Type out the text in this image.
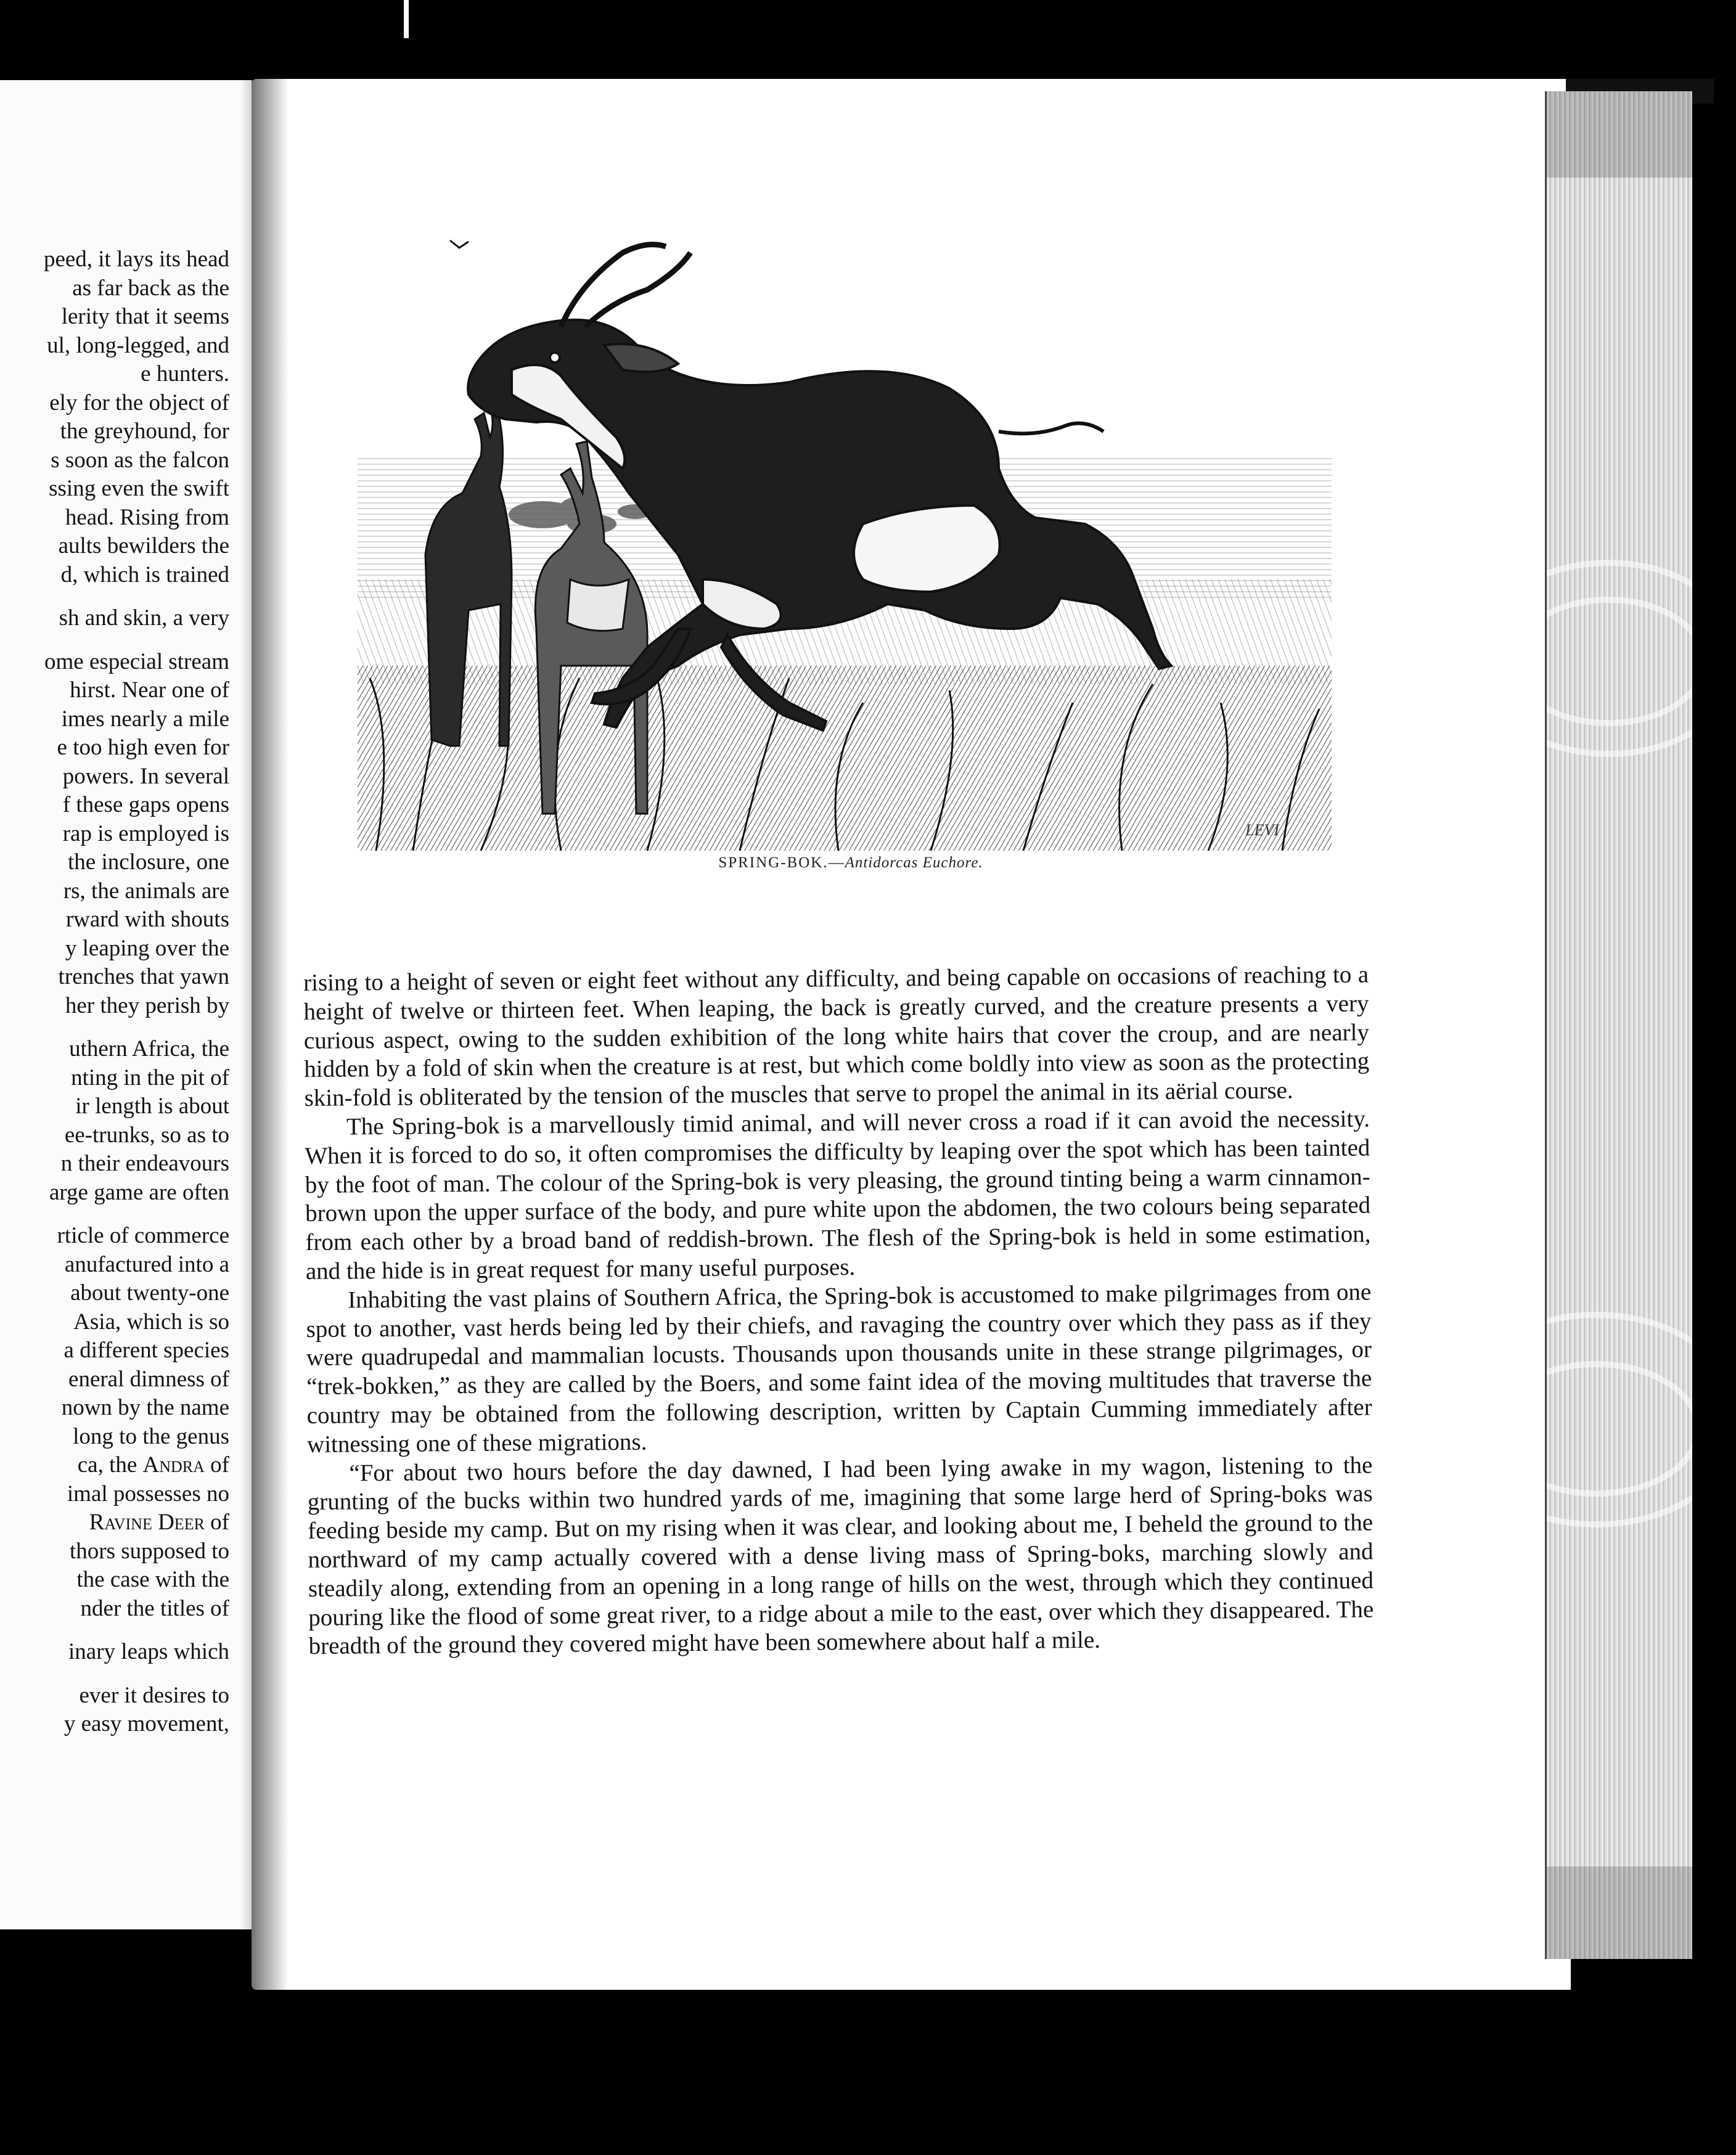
peed, it lays its head
as far back as the
lerity that it seems
ul, long-legged, and
e hunters.
ely for the object of
the greyhound, for
s soon as the falcon
ssing even the swift
head. Rising from
aults bewilders the
d, which is trained
sh and skin, a very
ome especial stream
hirst. Near one of
imes nearly a mile
e too high even for
powers. In several
f these gaps opens
rap is employed is
the inclosure, one
rs, the animals are
rward with shouts
y leaping over the
trenches that yawn
her they perish by
uthern Africa, the
nting in the pit of
ir length is about
ee-trunks, so as to
n their endeavours
arge game are often
rticle of commerce
anufactured into a
about twenty-one
Asia, which is so
a different species
eneral dimness of
nown by the name
long to the genus
ca, the Andra of
imal possesses no
Ravine Deer of
thors supposed to
the case with the
nder the titles of
inary leaps which
ever it desires to
y easy movement,
LEVI
SPRING-BOK.—Antidorcas Euchore.

rising to a height of seven or eight feet without any difficulty, and being capable on occasions of reaching to a height of twelve or thirteen feet. When leaping, the back is greatly curved, and the creature presents a very curious aspect, owing to the sudden exhibition of the long white hairs that cover the croup, and are nearly hidden by a fold of skin when the creature is at rest, but which come boldly into view as soon as the protecting skin-fold is obliterated by the tension of the muscles that serve to propel the animal in its aërial course.

The Spring-bok is a marvellously timid animal, and will never cross a road if it can avoid the necessity. When it is forced to do so, it often compromises the difficulty by leaping over the spot which has been tainted by the foot of man. The colour of the Spring-bok is very pleasing, the ground tinting being a warm cinnamon-brown upon the upper surface of the body, and pure white upon the abdomen, the two colours being separated from each other by a broad band of reddish-brown. The flesh of the Spring-bok is held in some estimation, and the hide is in great request for many useful purposes.

Inhabiting the vast plains of Southern Africa, the Spring-bok is accustomed to make pilgrimages from one spot to another, vast herds being led by their chiefs, and ravaging the country over which they pass as if they were quadrupedal and mammalian locusts. Thousands upon thousands unite in these strange pilgrimages, or “trek-bokken,” as they are called by the Boers, and some faint idea of the moving multitudes that traverse the country may be obtained from the following description, written by Captain Cumming immediately after witnessing one of these migrations.

“For about two hours before the day dawned, I had been lying awake in my wagon, listening to the grunting of the bucks within two hundred yards of me, imagining that some large herd of Spring-boks was feeding beside my camp. But on my rising when it was clear, and looking about me, I beheld the ground to the northward of my camp actually covered with a dense living mass of Spring-boks, marching slowly and steadily along, extending from an opening in a long range of hills on the west, through which they continued pouring like the flood of some great river, to a ridge about a mile to the east, over which they disappeared. The breadth of the ground they covered might have been somewhere about half a mile.
